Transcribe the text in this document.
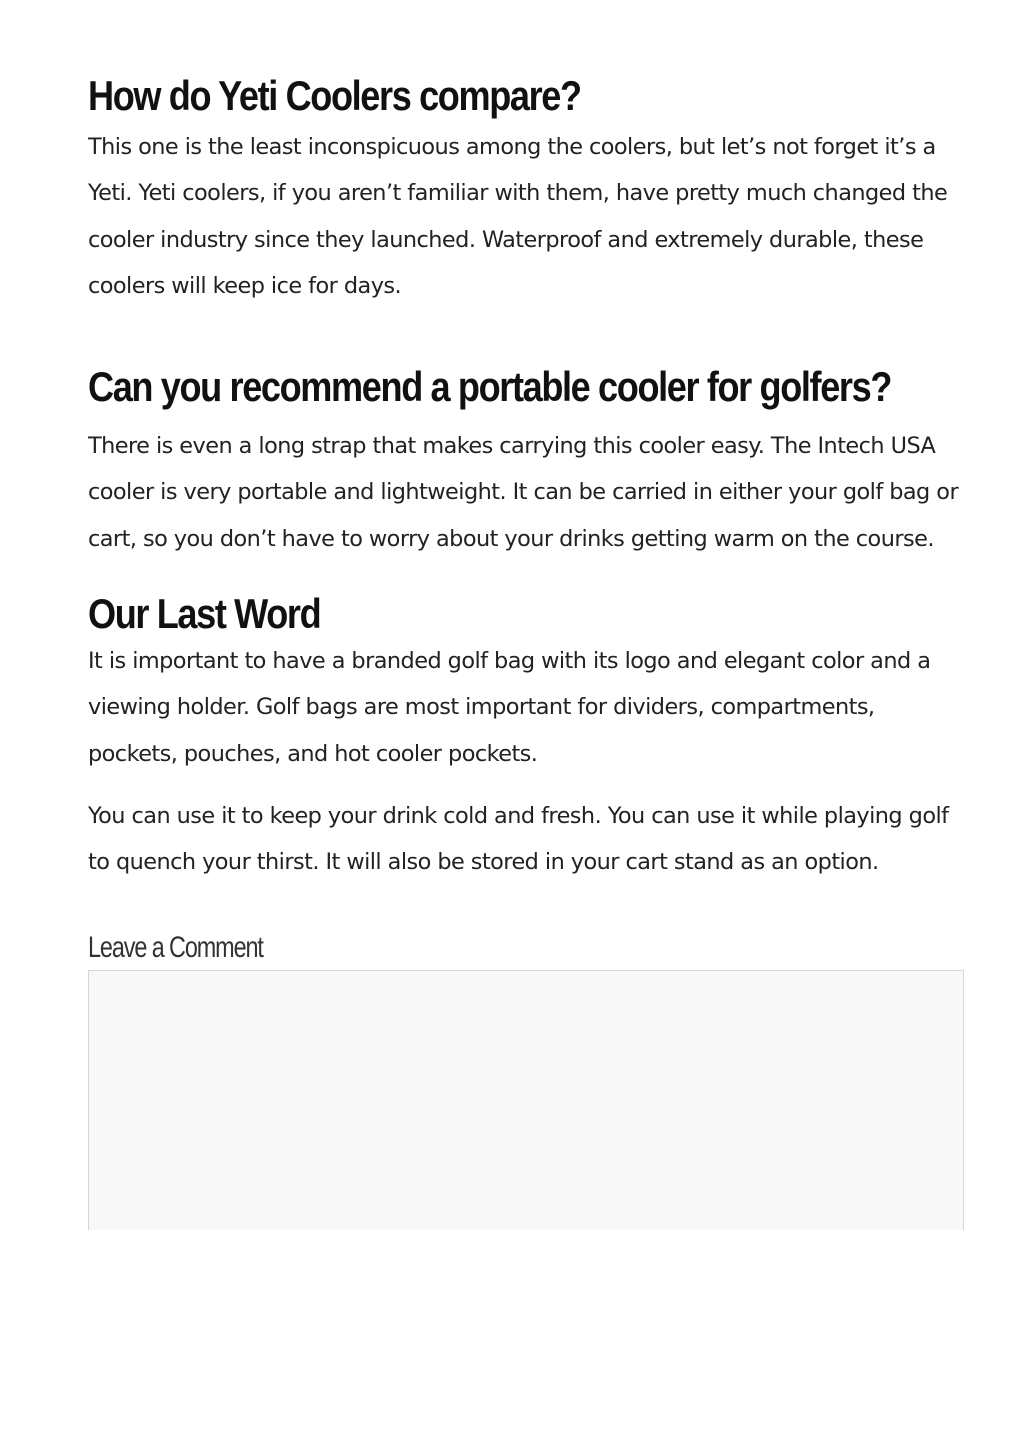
How do Yeti Coolers compare?

This one is the least inconspicuous among the coolers, but let’s not forget it’s a Yeti. Yeti coolers, if you aren’t familiar with them, have pretty much changed the cooler industry since they launched. Waterproof and extremely durable, these coolers will keep ice for days.

Can you recommend a portable cooler for golfers?

There is even a long strap that makes carrying this cooler easy. The Intech USA cooler is very portable and lightweight. It can be carried in either your golf bag or cart, so you don’t have to worry about your drinks getting warm on the course.

Our Last Word

It is important to have a branded golf bag with its logo and elegant color and a viewing holder. Golf bags are most important for dividers, compartments, pockets, pouches, and hot cooler pockets.

You can use it to keep your drink cold and fresh. You can use it while playing golf to quench your thirst. It will also be stored in your cart stand as an option.

Leave a Comment
